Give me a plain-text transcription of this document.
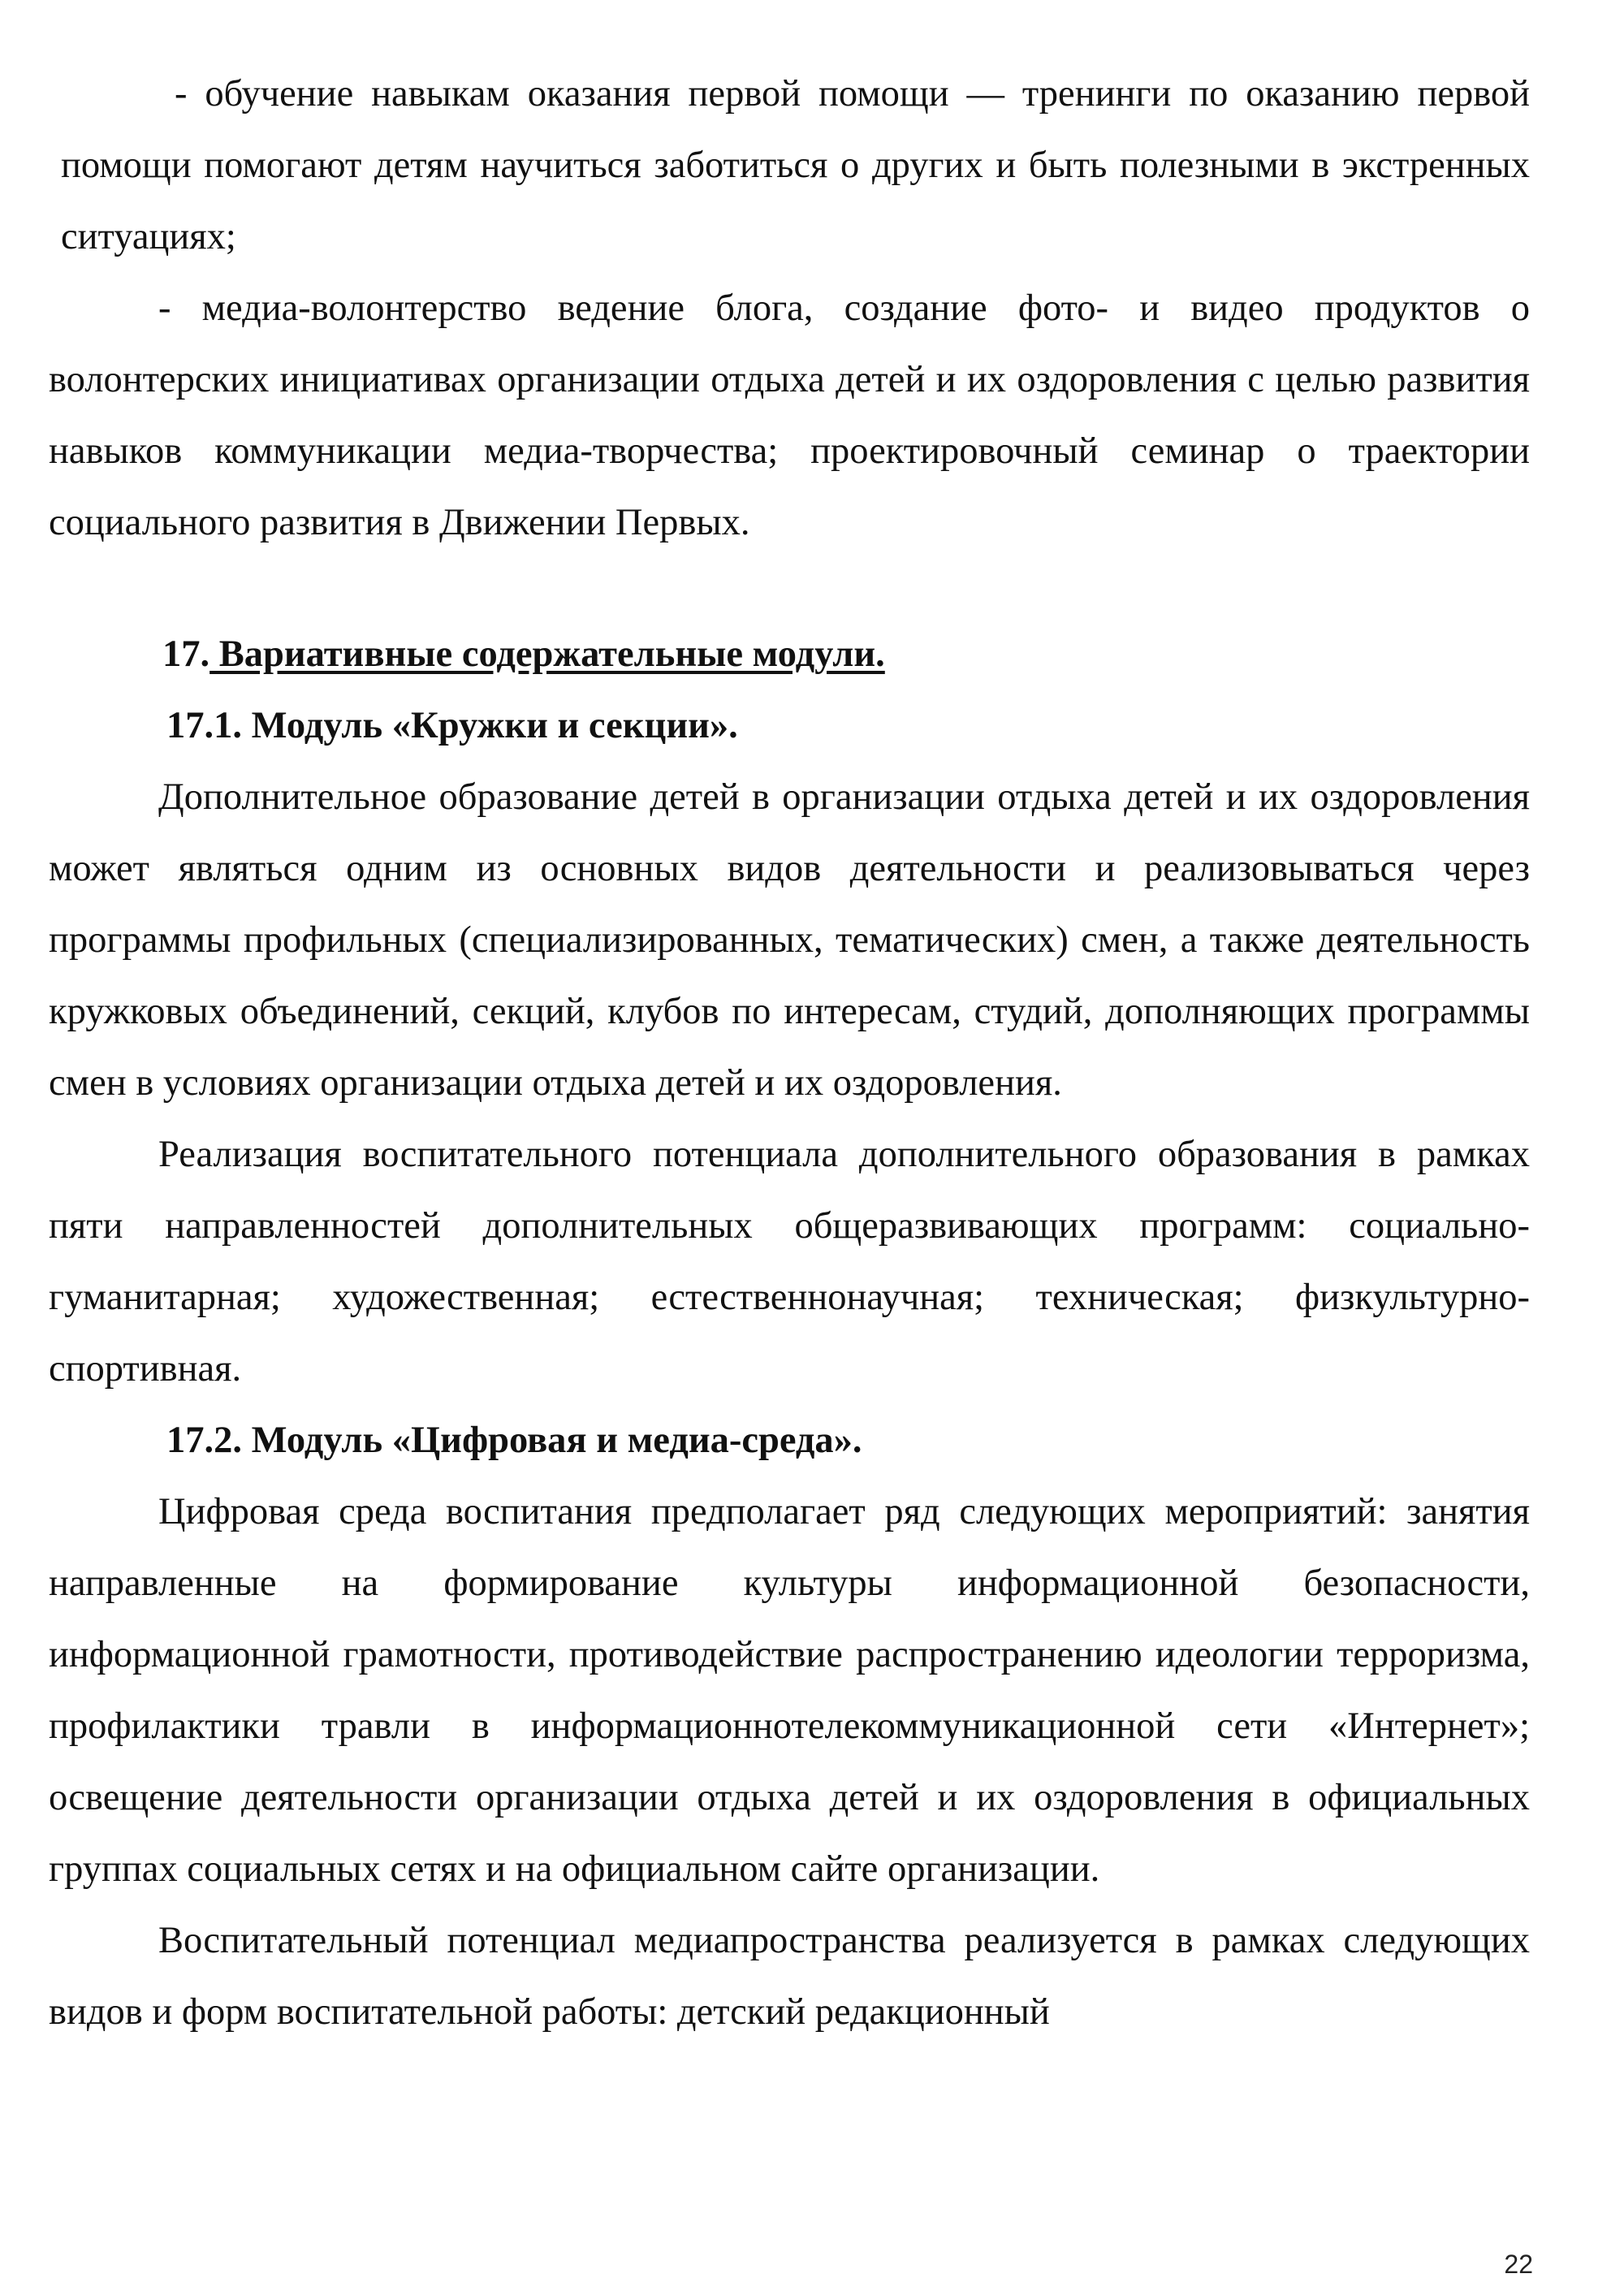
- обучение навыкам оказания первой помощи — тренинги по оказанию первой помощи помогают детям научиться заботиться о других и быть полезными в экстренных ситуациях;

- медиа-волонтерство ведение блога, создание фото- и видео продуктов о волонтерских инициативах организации отдыха детей и их оздоровления с целью развития навыков коммуникации медиа-творчества; проектировочный семинар о траектории социального развития в Движении Первых.

17. Вариативные содержательные модули.

17.1. Модуль «Кружки и секции».

Дополнительное образование детей в организации отдыха детей и их оздоровления может являться одним из основных видов деятельности и реализовываться через программы профильных (специализированных, тематических) смен, а также деятельность кружковых объединений, секций, клубов по интересам, студий, дополняющих программы смен в условиях организации отдыха детей и их оздоровления.

Реализация воспитательного потенциала дополнительного образования в рамках пяти направленностей дополнительных общеразвивающих программ: социально-гуманитарная; художественная; естественнонаучная; техническая; физкультурно-спортивная.

17.2. Модуль «Цифровая и медиа-среда».

Цифровая среда воспитания предполагает ряд следующих мероприятий: занятия направленные на формирование культуры информационной безопасности, информационной грамотности, противодействие распространению идеологии терроризма, профилактики травли в информационнотелекоммуникационной сети «Интернет»; освещение деятельности организации отдыха детей и их оздоровления в официальных группах социальных сетях и на официальном сайте организации.

Воспитательный потенциал медиапространства реализуется в рамках следующих видов и форм воспитательной работы: детский редакционный

22
